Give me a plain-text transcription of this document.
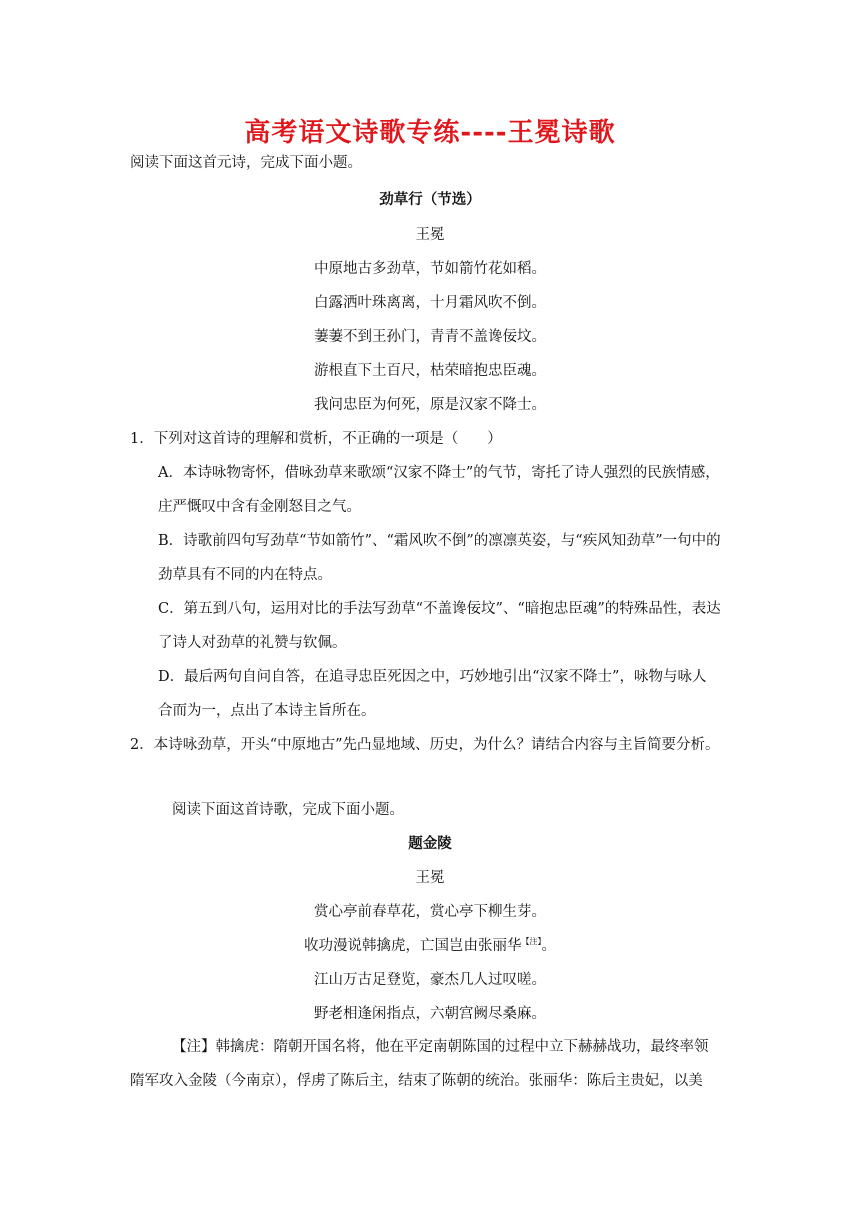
高考语文诗歌专练----王冕诗歌
阅读下面这首元诗，完成下面小题。
劲草行（节选）
王冕
中原地古多劲草，节如箭竹花如稻。
白露洒叶珠离离，十月霜风吹不倒。
萋萋不到王孙门，青青不盖谗佞坟。
游根直下土百尺，枯荣暗抱忠臣魂。
我问忠臣为何死，原是汉家不降士。
1．下列对这首诗的理解和赏析，不正确的一项是（　　）
A．本诗咏物寄怀，借咏劲草来歌颂“汉家不降士”的气节，寄托了诗人强烈的民族情感，
庄严慨叹中含有金刚怒目之气。
B．诗歌前四句写劲草“节如箭竹”、“霜风吹不倒”的凛凛英姿，与“疾风知劲草”一句中的
劲草具有不同的内在特点。
C．第五到八句，运用对比的手法写劲草“不盖谗佞坟”、“暗抱忠臣魂”的特殊品性，表达
了诗人对劲草的礼赞与钦佩。
D．最后两句自问自答，在追寻忠臣死因之中，巧妙地引出“汉家不降士”，咏物与咏人
合而为一，点出了本诗主旨所在。
2．本诗咏劲草，开头“中原地古”先凸显地域、历史，为什么？请结合内容与主旨简要分析。
阅读下面这首诗歌，完成下面小题。
题金陵
王冕
赏心亭前春草花，赏心亭下柳生芽。
收功漫说韩擒虎，亡国岂由张丽华$^{【注】}$。
江山万古足登览，豪杰几人过叹嗟。
野老相逢闲指点，六朝宫阙尽桑麻。
【注】韩擒虎：隋朝开国名将，他在平定南朝陈国的过程中立下赫赫战功，最终率领
隋军攻入金陵（今南京），俘虏了陈后主，结束了陈朝的统治。张丽华：陈后主贵妃，以美
